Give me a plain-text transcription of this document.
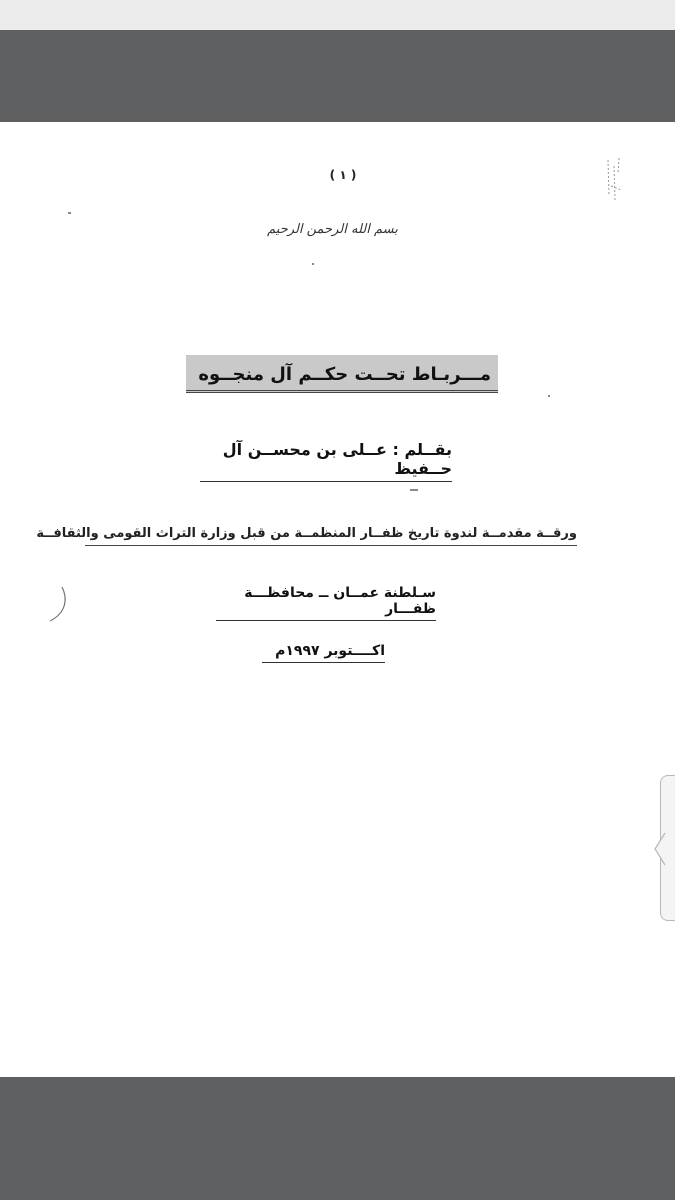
( ١ )
بسم الله الرحمن الرحيم
مـــربـاط تحــت حكــم آل منجــوه
بقــلم : عــلى بن محســن آل حــفيظ
ورقــة مقدمــة لندوة تاريخ ظفــار المنظمــة من قبل وزارة التراث القومى والثقافــة
سـلطنة عمــان ــ محافظـــة ظفـــار
اكــــتوبر ١٩٩٧م
